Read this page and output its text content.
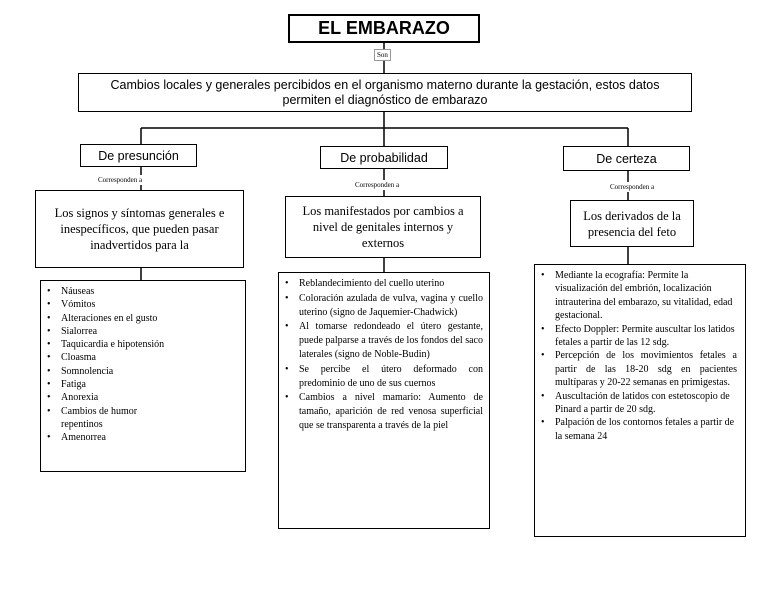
EL EMBARAZO
Son
Cambios locales y generales percibidos en el organismo materno durante la gestación, estos datos permiten el diagnóstico de embarazo
De presunción	De probabilidad	De certeza
Corresponden a
Corresponden a	Corresponden a
Los signos y síntomas generales e inespecíficos, que pueden pasar inadvertidos para la
Los manifestados por cambios a nivel de genitales internos y externos
Los derivados de la presencia del feto
• Náuseas
• Vómitos
• Alteraciones en el gusto
• Sialorrea
• Taquicardia e hipotensión
• Cloasma
• Somnolencia
• Fatiga
• Anorexia
• Cambios de humor repentinos
• Amenorrea
• Reblandecimiento del cuello uterino
• Coloración azulada de vulva, vagina y cuello uterino (signo de Jaquemier-Chadwick)
• Al tomarse redondeado el útero gestante, puede palparse a través de los fondos del saco laterales (signo de Noble-Budin)
• Se percibe el útero deformado con predominio de uno de sus cuernos
• Cambios a nivel mamario: Aumento de tamaño, aparición de red venosa superficial que se transparenta a través de la piel
• Mediante la ecografía: Permite la visualización del embrión, localización intrauterina del embarazo, su vitalidad, edad gestacional.
• Efecto Doppler: Permite auscultar los latidos fetales a partir de las 12 sdg.
• Percepción de los movimientos fetales a partir de las 18-20 sdg en pacientes multíparas y 20-22 semanas en primigestas.
• Auscultación de latidos con estetoscopio de Pinard a partir de 20 sdg.
• Palpación de los contornos fetales a partir de la semana 24
